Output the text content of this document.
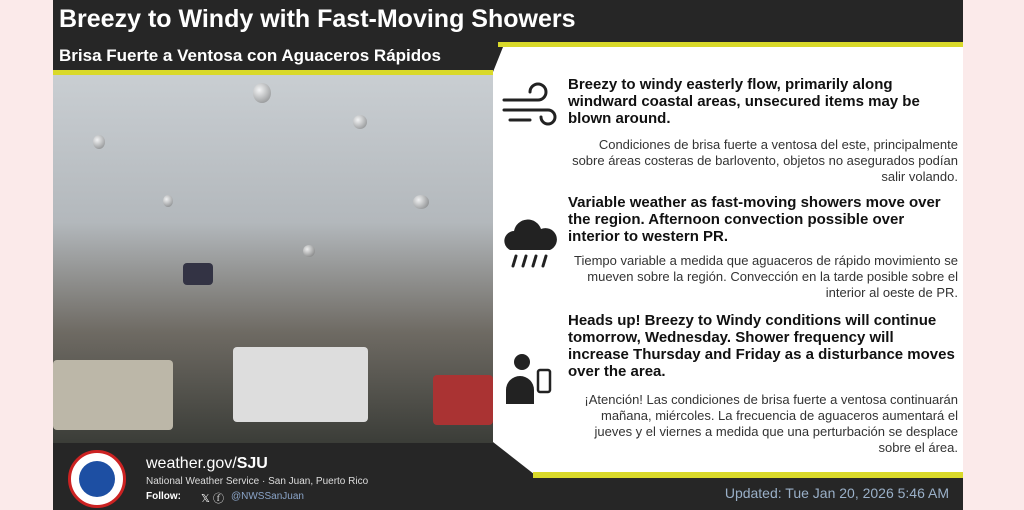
Breezy to Windy with Fast-Moving Showers
Brisa Fuerte a Ventosa con Aguaceros Rápidos
Breezy to windy easterly flow, primarily along windward coastal areas, unsecured items may be blown around.
Condiciones de brisa fuerte a ventosa del este, principalmente sobre áreas costeras de barlovento, objetos no asegurados podían salir volando.
Variable weather as fast-moving showers move over the region. Afternoon convection possible over interior to western PR.
Tiempo variable a medida que aguaceros de rápido movimiento se mueven sobre la región. Convección en la tarde posible sobre el interior al oeste de PR.
Heads up! Breezy to Windy conditions will continue tomorrow, Wednesday. Shower frequency will increase Thursday and Friday as a disturbance moves over the area.
¡Atención! Las condiciones de brisa fuerte a ventosa continuarán mañana, miércoles. La frecuencia de aguaceros aumentará el jueves y el viernes a medida que una perturbación se desplace sobre el área.
weather.gov/SJU
National Weather Service · San Juan, Puerto Rico
Follow: 𝕏 ⓕ @NWSSanJuan	Updated: Tue Jan 20, 2026 5:46 AM
